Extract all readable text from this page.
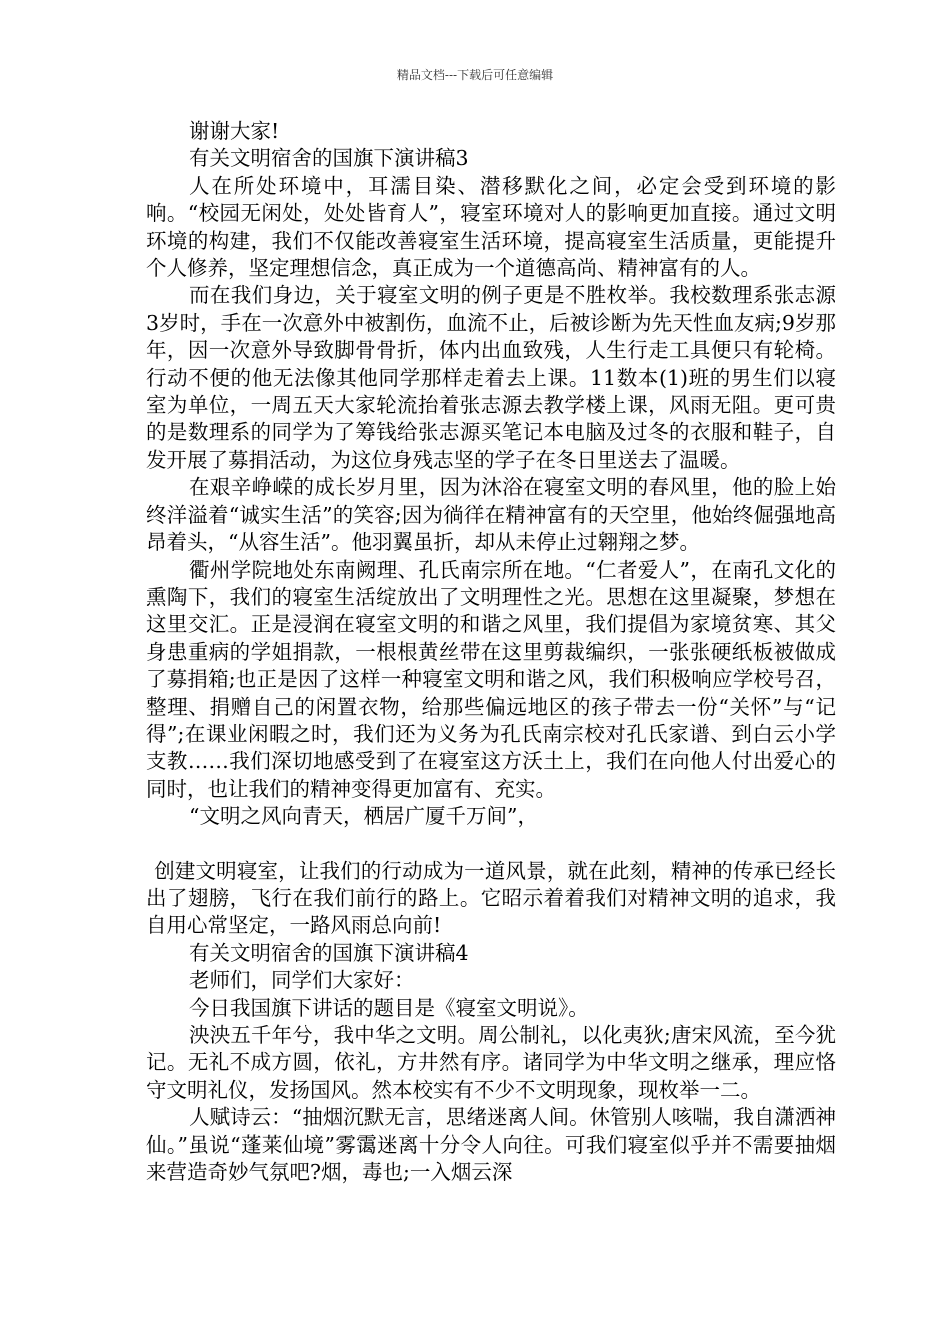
精品文档---下载后可任意编辑

谢谢大家!

有关文明宿舍的国旗下演讲稿3

人在所处环境中，耳濡目染、潜移默化之间，必定会受到环境的影响。“校园无闲处，处处皆育人”，寝室环境对人的影响更加直接。通过文明环境的构建，我们不仅能改善寝室生活环境，提高寝室生活质量，更能提升个人修养，坚定理想信念，真正成为一个道德高尚、精神富有的人。

而在我们身边，关于寝室文明的例子更是不胜枚举。我校数理系张志源3岁时，手在一次意外中被割伤，血流不止，后被诊断为先天性血友病;9岁那年，因一次意外导致脚骨骨折，体内出血致残，人生行走工具便只有轮椅。行动不便的他无法像其他同学那样走着去上课。11数本(1)班的男生们以寝室为单位，一周五天大家轮流抬着张志源去教学楼上课，风雨无阻。更可贵的是数理系的同学为了筹钱给张志源买笔记本电脑及过冬的衣服和鞋子，自发开展了募捐活动，为这位身残志坚的学子在冬日里送去了温暖。

在艰辛峥嵘的成长岁月里，因为沐浴在寝室文明的春风里，他的脸上始终洋溢着“诚实生活”的笑容;因为徜徉在精神富有的天空里，他始终倔强地高昂着头，“从容生活”。他羽翼虽折，却从未停止过翱翔之梦。

衢州学院地处东南阙理、孔氏南宗所在地。“仁者爱人”，在南孔文化的熏陶下，我们的寝室生活绽放出了文明理性之光。思想在这里凝聚，梦想在这里交汇。正是浸润在寝室文明的和谐之风里，我们提倡为家境贫寒、其父身患重病的学姐捐款，一根根黄丝带在这里剪裁编织，一张张硬纸板被做成了募捐箱;也正是因了这样一种寝室文明和谐之风，我们积极响应学校号召，整理、捐赠自己的闲置衣物，给那些偏远地区的孩子带去一份“关怀”与“记得”;在课业闲暇之时，我们还为义务为孔氏南宗校对孔氏家谱、到白云小学支教……我们深切地感受到了在寝室这方沃土上，我们在向他人付出爱心的同时，也让我们的精神变得更加富有、充实。

“文明之风向青天，栖居广厦千万间”，

创建文明寝室，让我们的行动成为一道风景，就在此刻，精神的传承已经长出了翅膀，飞行在我们前行的路上。它昭示着着我们对精神文明的追求，我自用心常坚定，一路风雨总向前!

有关文明宿舍的国旗下演讲稿4

老师们，同学们大家好：

今日我国旗下讲话的题目是《寝室文明说》。

泱泱五千年兮，我中华之文明。周公制礼，以化夷狄;唐宋风流，至今犹记。无礼不成方圆，依礼，方井然有序。诸同学为中华文明之继承，理应恪守文明礼仪，发扬国风。然本校实有不少不文明现象，现枚举一二。

人赋诗云：“抽烟沉默无言，思绪迷离人间。休管别人咳喘，我自潇洒神仙。”虽说“蓬莱仙境”雾霭迷离十分令人向往。可我们寝室似乎并不需要抽烟来营造奇妙气氛吧?烟，毒也;一入烟云深
